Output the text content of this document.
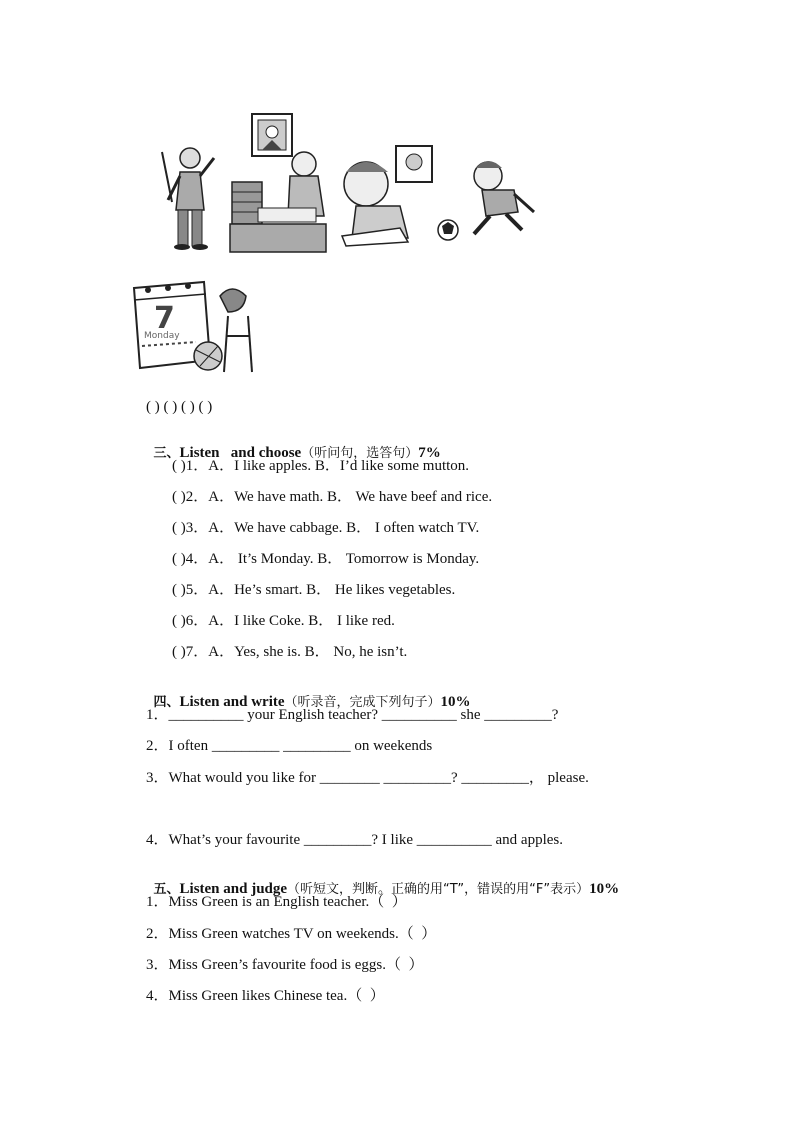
7
Monday
( ) ( ) ( ) ( )

三、Listen   and choose（听问句，选答句）7%

( )1．A．I like apples. B．I’d like some mutton.
( )2．A．We have math. B． We have beef and rice.
( )3．A．We have cabbage. B． I often watch TV.
( )4．A． It’s Monday. B． Tomorrow is Monday.
( )5．A．He’s smart. B． He likes vegetables.
( )6．A．I like Coke. B． I like red.
( )7．A．Yes, she is. B． No, he isn’t.

四、Listen and write（听录音，完成下列句子）10%

1．__________ your English teacher? __________ she _________?
2．I often _________ _________ on weekends
3．What would you like for ________ _________? _________， please.
4．What’s your favourite _________? I like __________ and apples.

五、Listen and judge（听短文，判断。正确的用“T”，错误的用“F”表示）10%

1．Miss Green is an English teacher.（  ）
2．Miss Green watches TV on weekends.（  ）
3．Miss Green’s favourite food is eggs.（  ）
4．Miss Green likes Chinese tea.（  ）
